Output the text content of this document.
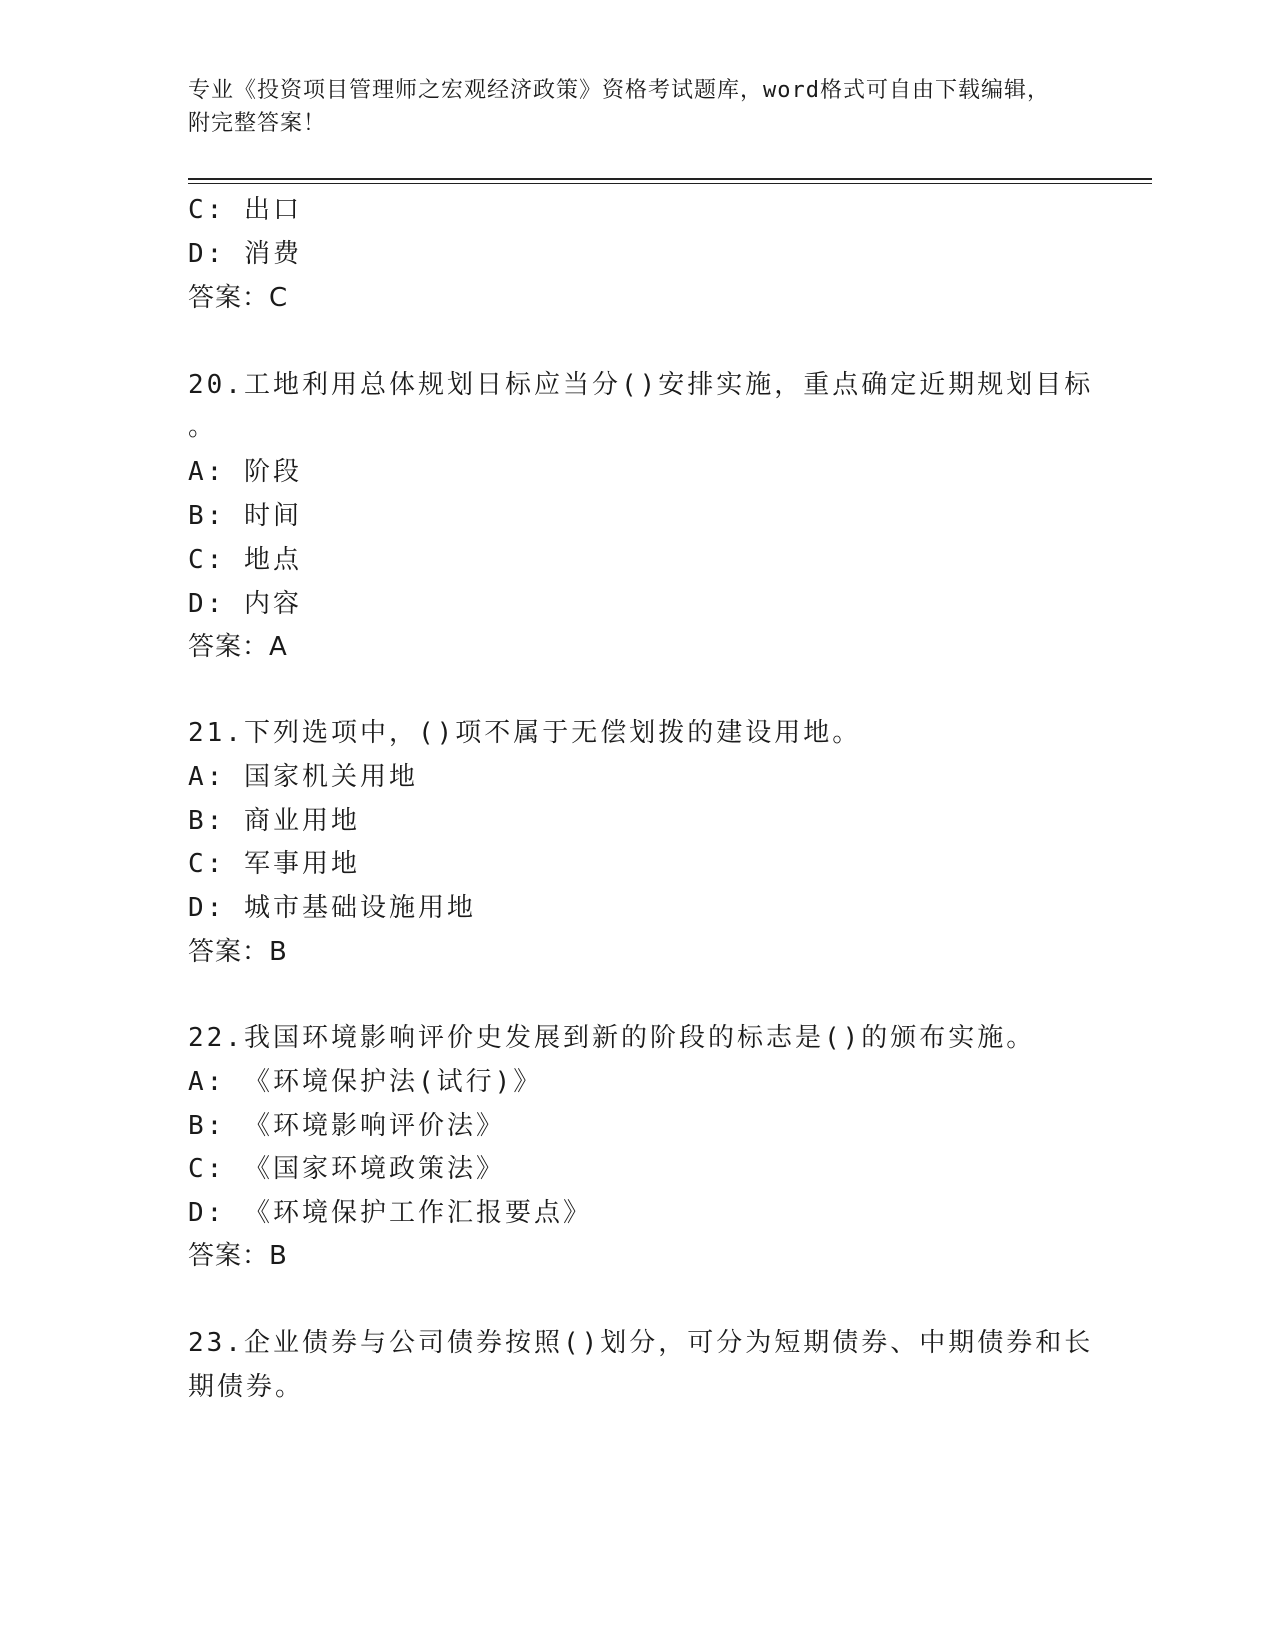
专业《投资项目管理师之宏观经济政策》资格考试题库，word格式可自由下载编辑，附完整答案！
C: 出口
D: 消费
答案：C
20.工地利用总体规划日标应当分()安排实施，重点确定近期规划目标
。
A: 阶段
B: 时间
C: 地点
D: 内容
答案：A
21.下列选项中，()项不属于无偿划拨的建设用地。
A: 国家机关用地
B: 商业用地
C: 军事用地
D: 城市基础设施用地
答案：B
22.我国环境影响评价史发展到新的阶段的标志是()的颁布实施。
A: 《环境保护法(试行)》
B: 《环境影响评价法》
C: 《国家环境政策法》
D: 《环境保护工作汇报要点》
答案：B
23.企业债券与公司债券按照()划分，可分为短期债券、中期债券和长
期债券。
